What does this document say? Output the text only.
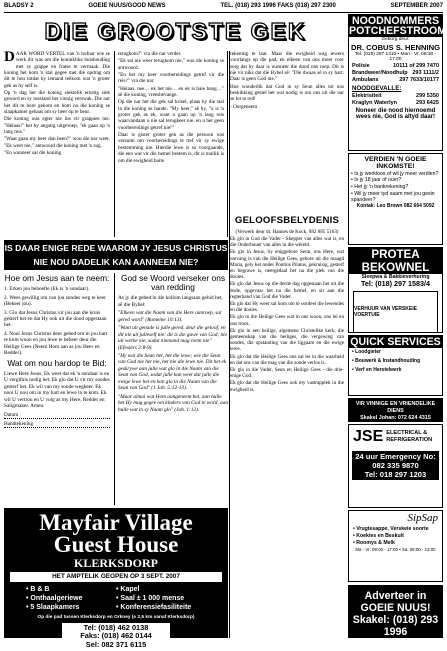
BLADSY 2	GOEIE NUUS/GOOD NEWS	TEL. (018) 293 1996 FAKS (018) 297 2300	SEPTEMBER 2007
DIE GROOTSTE GEK

DAAR WORD VERTEL van 'n hofnar wie se werk dit was om die koninklike huishouding met sy grappe en fratse te vermaak. Die koning het hom 'n stal gegee met die opdrag om dit te hou totdat hy iemand teëkom wat 'n groter gek as hy self is.

Op 'n dag het die koning siektelik ernstig siek geword en sy toestand het vinnig verswak. Die nar het dit te hore gekom en hom na die koning se slaapkamer gehaas om sy heer op te beur.

Die koning was egter nie lus vir grappies nie. "Helaas!" het hy angstig uitgeroep, "ek gaan op 'n lang reis."

"Waar gaan my heer dan heen?" wou die nar weet. "Ek weet nie," antwoord die koning met 'n sug.

"En wanneer sal die koning

terugkom?" vra die nar verder.

"Ek sal nie weer terugkom nie," was die koning se antwoord.

"En het my heer voorbereidings getref vir die reis?" vra die nar.

"Helaas, nee… ek het nie… en ek is baie bang…" sê die koning, vreesbevange.

Op die nar het die gek sal krisel, plaas hy die stal in die koning se hande. "My heer," sê hy, "u is 'n groter gek as ek, want u gaan op 'n lang reis waarvandaan u nie sal terugkeer nie, en u het geen voorbereidings getref nie!"

Daar is gister groter gek as die persoon wat versuim om voorbereidings te tref vir sy ewige bestemming nie. Hierdie lewe is so voorgaande, die een wat vir die hemel bestem is, dit is mallik is om die ewigheid buite

rekening te laat. Maar die ewigheid wag iewers voorlangs op die pad, en elkeen van ons moet voor sorg dat hy daar is wanneer die dood ons roep. Dit is nie vir niks dat die Bybel sê: "Die dwaas sê in sy hart: Daar is geen God nie."

Hoe wonderlik dat God in sy Seun alles tot ons beskikking gestel het wat nodig is om ons uit die nar se lot te red!

- Oorgeneem

IS DAAR ENIGE REDE WAAROM JY JESUS CHRISTUS NIE NOU DADELIK KAN AANNEEM NIE?
Hoe om Jesus aan te neem:

1. Erken jou behoefte (Ek is 'n sondaar).

2. Wees gewillig om van jou sondes weg te keer (Bekeer jou).

3. Glo dat Jesus Christus vir jou aan die kruis gesterf het en dat Hy ook uit die dood opgestaan het.

4. Nooi Jesus Christus deur gebed om in jou hart te kom woon en jou lewe te beheer deur die Heilige Gees (Neem Hom aan as jou Heer en Redder).

Wat om nou hardop te Bid:

Liewe Here Jesus, Ek weet dat ek 'n sondaar is en U vergifnis nodig het. Ek glo dat U vir my sondes gesterf het. Ek wil van my sonde wegkeer. Ek nooi U nou om in my hart en lewe in te kom. Ek wil U vertrou en U volg as my Here, Redder en Saligmaker. Amen.

Datum
Handtekening
God se Woord verseker ons van redding

As jy die gebed in die kollom langsaan gebid het, sê die Bybel:

"Elkeen wat die Naam van die Here aanroep, sal gered word" (Romeine 10:13).

"Want uit genade is julle gered, deur die geloof, en dit nie uit julleself nie: dit is die gawe van God; nie uit werke nie, sodat niemand mag roem nie" (Efesiërs 2:8-9).

"Hy wat die Seun het, het die lewe; wie die Seun van God nie het nie, het nie die lewe nie. Dit het ek geskrywe aan julle wat glo in die Naam van die Seun van God, sodat julle kan weet dat julle die ewige lewe het en kan glo in die Naam van die Seun van God" (1 Joh. 5:12-13).

"Maar almal wat Hom aangeneem het, aan hulle het Hy mag gegee om kinders van God te word, aan hulle wat in sy Naam glo" (Joh. 1:12).

GELOOFSBELYDENIS

(Verwerk deur dr. Hannes de Kock, 082 885 5163)

Ek glo in God die Vader - Skepper van alles wat is, en die Onderhouer van alles in die wêreld.

Ek glo in Jesus, Sy eniggebore Seun, ons Here, wat ontvang is van die Heilige Gees, gebore uit die maagd Maria, gely het onder Pontius Pilatus, gekruisig, gesterf en begrawe is, neergedaal het na die plek van die dooies.

Ek glo dat Jesus op die derde dag opgestaan het uit die dode, opgevaar het na die hemel, en sit aan die regterhand van God die Vader.

Ek glo dat Hy weer sal kom om te oordeel die lewendes en die dooies.

Ek glo in die Heilige Gees wat in ons woon, ons lei en ons troos.

Ek glo in een heilige, algemene Christelike kerk, die gemeenskap van die heiliges, die vergewing van sondes, die opstanding van die liggaam en die ewige lewe.

Ek glo dat die Heilige Gees ons sal lei in die waarheid en dat ons van die mag van die sonde verlos is.

Ek glo in die Vader, Seun en Heilige Gees - die drie-enige God.

Ek glo dat die Heilige Gees ook my vastrapplek in die ewigheid is.

Mayfair Village
Guest House
KLERKSDORP
HET AMPTELIK GEOPEN OP 3 SEPT. 2007
• B & B	• Kapel
• Onthaalgeriewe	• Saal ± 1 000 mense
• 5 Slaapkamers	• Konferensiefasiliteite
Op die pad tussen Klerksdorp en Orkney (± 2,5 km vanaf Klerksdorp)
Tel: (018) 462 0138
Faks: (018) 462 0144
Sel: 082 371 6115
NOODNOMMERS POTCHEFSTROOM
Geborg deur:
DR. COBUS S. HENNING
Tel: (018) 297 1310 • Man - Vr. 08:30 - 17:00
Polisie	10111 of 299 7470
Brandweer/Noodhulp 293 1111/2
Ambulans	297 7633/10177
NOODGEVALLE:
Elektrisiteit	299 5350
Kraglyn Waterlyn	293 6425
Noneer die nood hiernoemd wees nie, God is altyd daar!
VERDIEN 'N GOEIE INKOMSTE!
• Is jy werkloos of wil jy meer verdien?
• Is jy 18 jaar of ouer?
• Het jy 'n bankrekening?
• Wil jy meer tyd saam met jou gesin spandeer?
Kontak: Leo Brown 082 664 5092
PROTEA BEKOWNEL
Sleepwa & Bakkieverhuring
Tel: (018) 297 1583/4
VERHUUR VAN VERSKEIE VOERTUIE
QUICK SERVICES
• Loodgieter
• Bouwerk & Instandhouding
• Verf en Herstelwerk
VIR VINNIGE EN VRIENDELIKE DIENS
Skakel Johan: 072 624 4315
JSE ELECTRICAL & REFRIGERATION
24 uur Emergency No:
082 335 9870
Tel: 018 297 1203
SipSap
• Vrugtesappe, Verskeie soorte
• Koekies en Beskuit
• Roomys & Melk
Ma - Vr: 09:00 - 17:00 • Sa: 09:00 - 13:00
Adverteer in GOEIE NUUS! Skakel: (018) 293 1996
